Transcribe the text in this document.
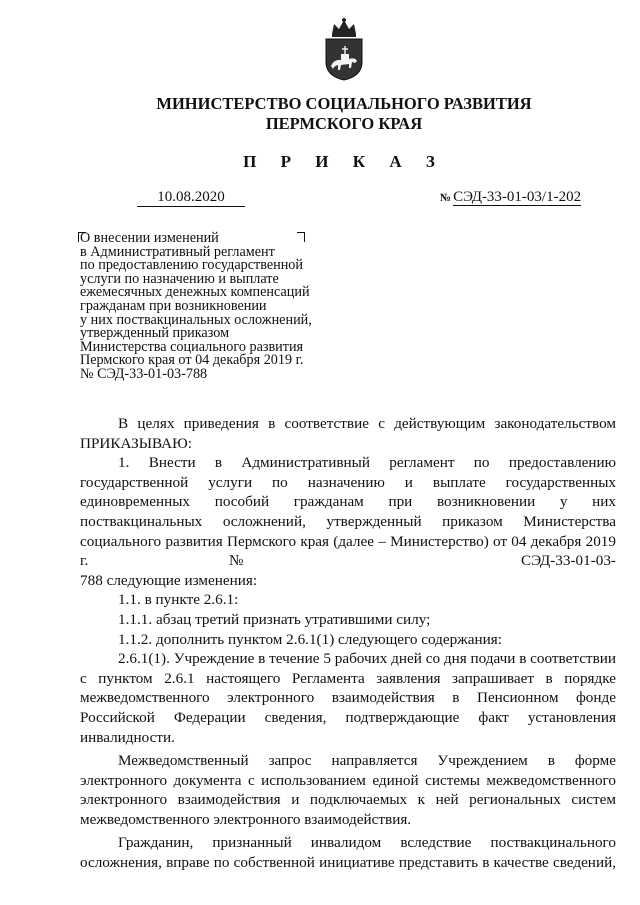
МИНИСТЕРСТВО СОЦИАЛЬНОГО РАЗВИТИЯ
ПЕРМСКОГО КРАЯ
П Р И К А З
10.08.2020	№ СЭД-33-01-03/1-202
О внесении изменений
в Административный регламент
по предоставлению государственной
услуги по назначению и выплате
ежемесячных денежных компенсаций
гражданам при возникновении
у них поствакцинальных осложнений,
утвержденный приказом
Министерства социального развития
Пермского края от 04 декабря 2019 г.
№ СЭД-33-01-03-788

В целях приведения в соответствие с действующим законодательством

ПРИКАЗЫВАЮ:

1. Внести в Административный регламент по предоставлению государственной услуги по назначению и выплате государственных единовременных пособий гражданам при возникновении у них поствакцинальных осложнений, утвержденный приказом Министерства социального развития Пермского края (далее – Министерство) от 04 декабря 2019 г. № СЭД-33-01-03-

788 следующие изменения:

1.1. в пункте 2.6.1:

1.1.1. абзац третий признать утратившими силу;

1.1.2. дополнить пунктом 2.6.1(1) следующего содержания:

2.6.1(1). Учреждение в течение 5 рабочих дней со дня подачи в соответствии с пунктом 2.6.1 настоящего Регламента заявления запрашивает в порядке межведомственного электронного взаимодействия в Пенсионном фонде Российской Федерации сведения, подтверждающие факт установления инвалидности.

Межведомственный запрос направляется Учреждением в форме электронного документа с использованием единой системы межведомственного электронного взаимодействия и подключаемых к ней региональных систем межведомственного электронного взаимодействия.

Гражданин, признанный инвалидом вследствие поствакцинального осложнения, вправе по собственной инициативе представить в качестве сведений,
